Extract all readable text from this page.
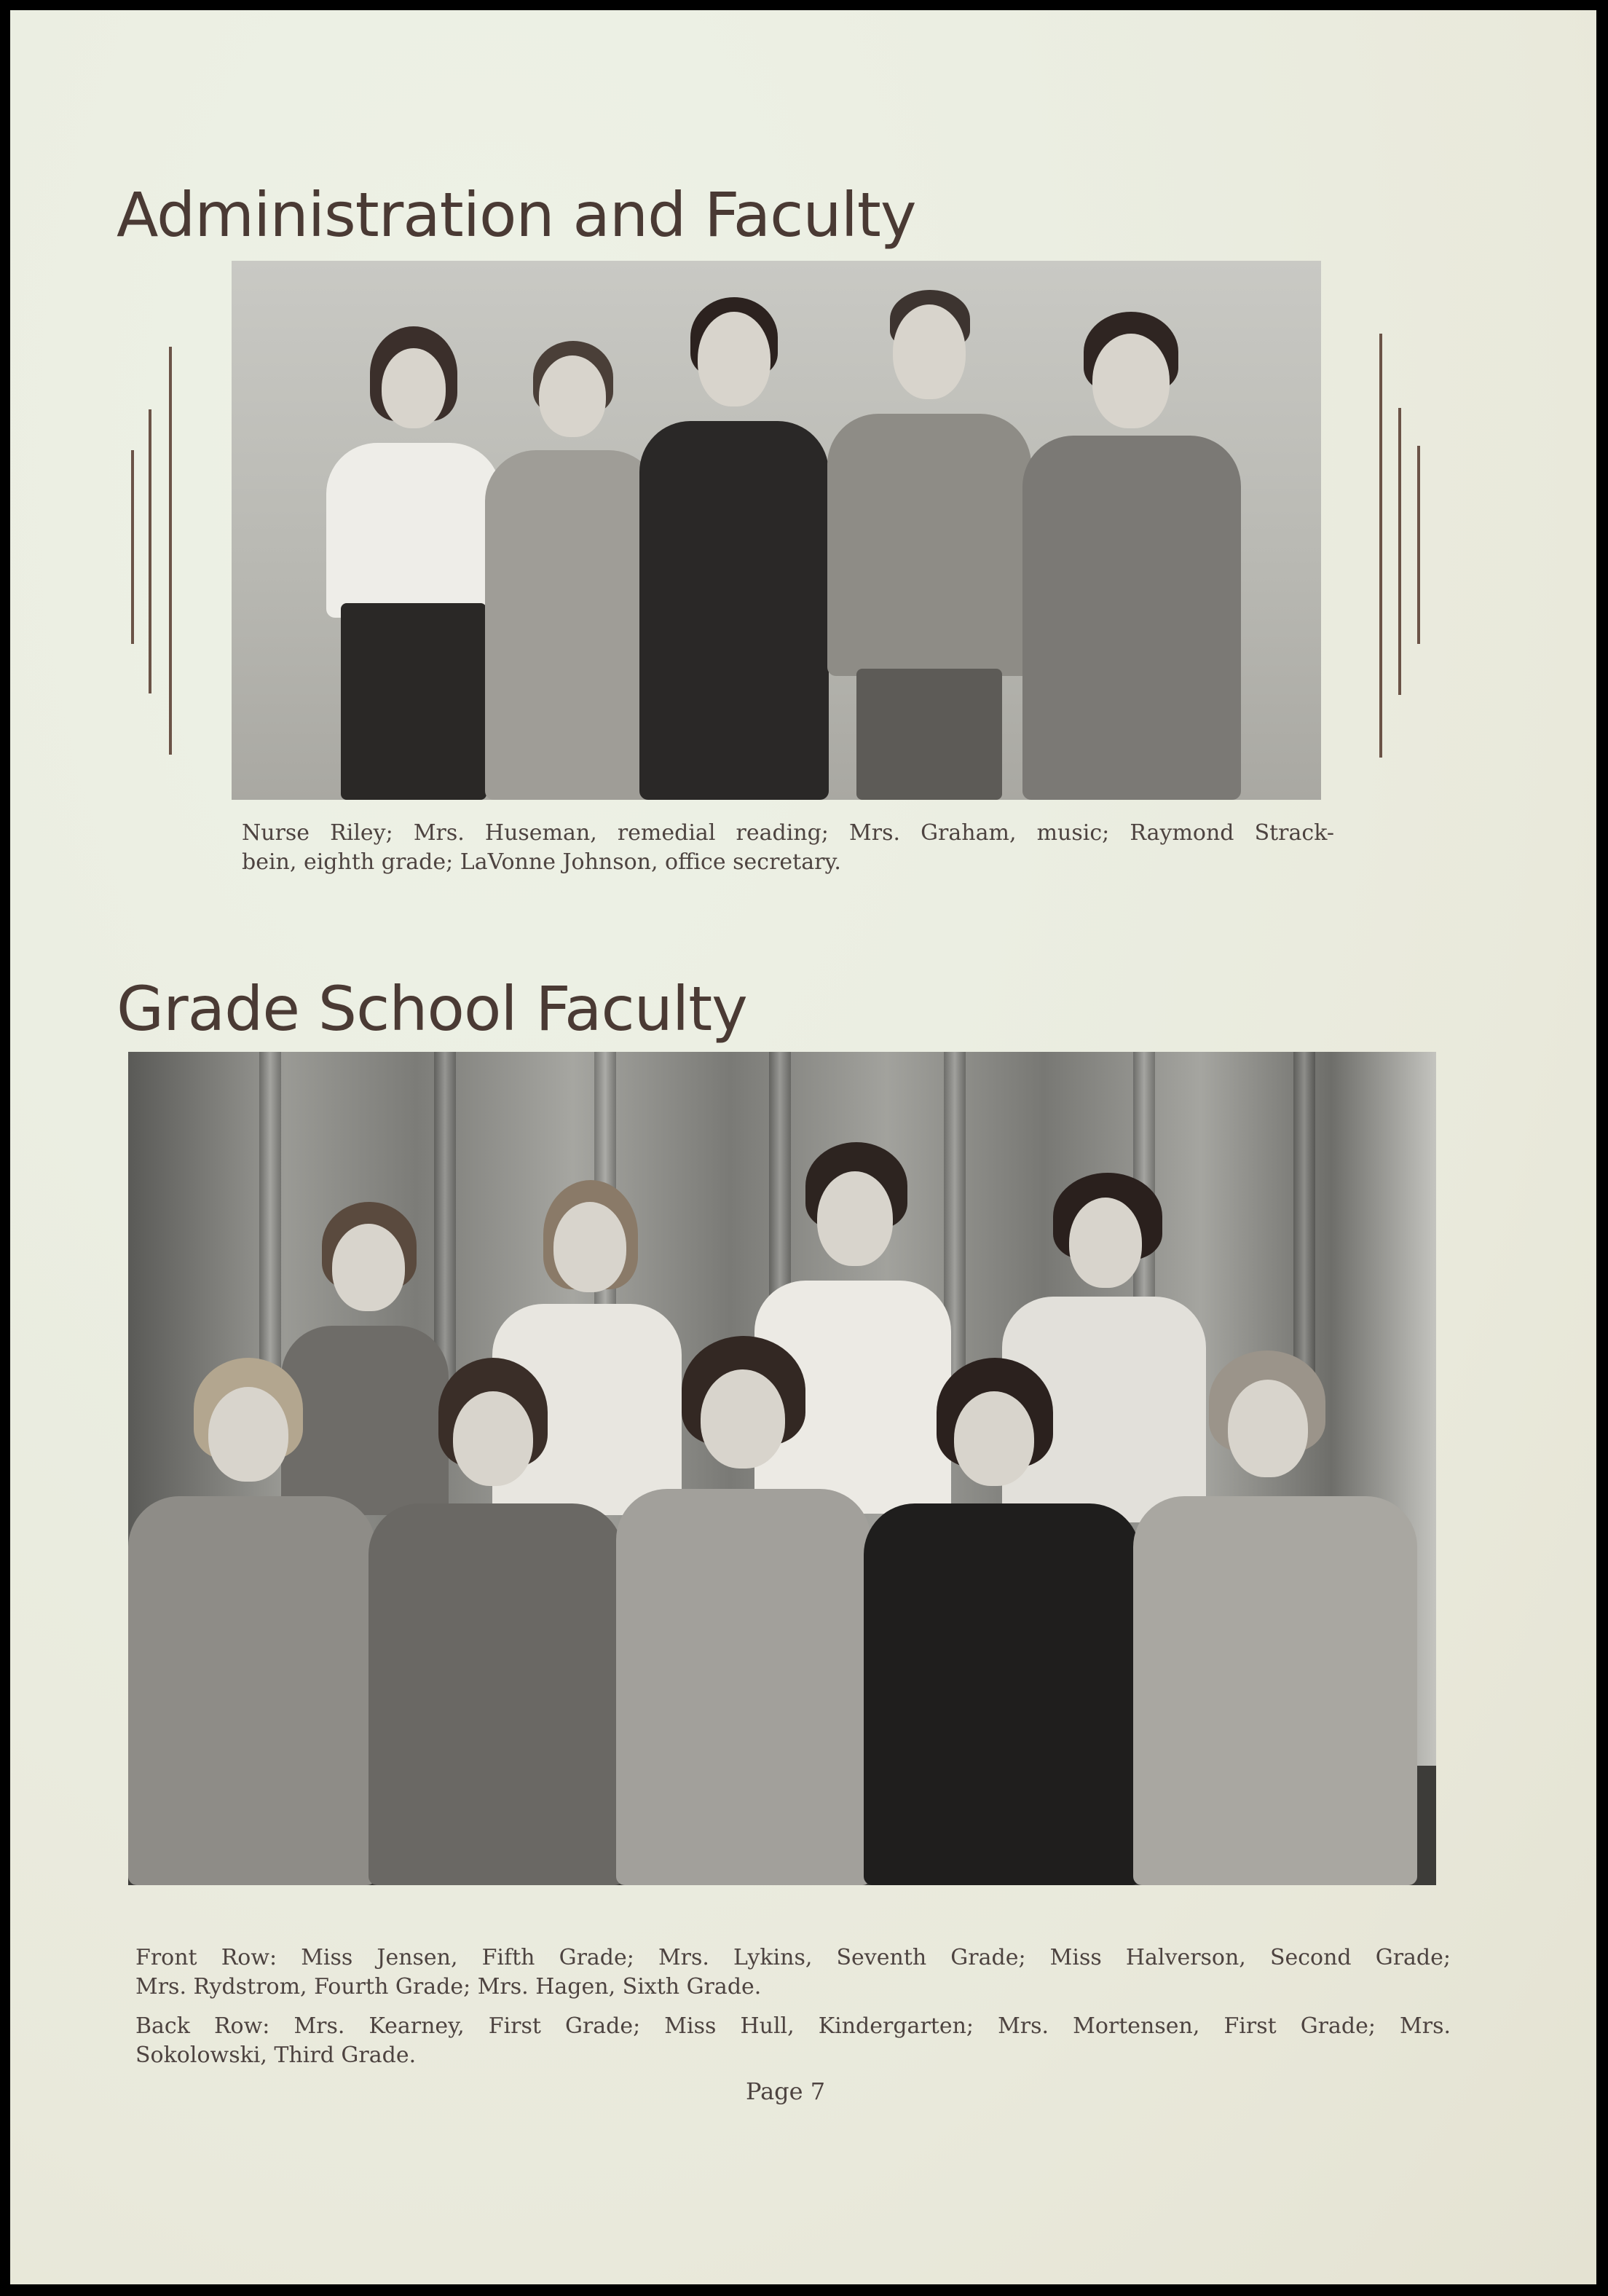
Administration and Faculty

Nurse Riley; Mrs. Huseman, remedial reading; Mrs. Graham, music; Raymond Strack-
bein, eighth grade; LaVonne Johnson, office secretary.

Grade School Faculty

Front Row: Miss Jensen, Fifth Grade; Mrs. Lykins, Seventh Grade; Miss Halverson, Second Grade;
Mrs. Rydstrom, Fourth Grade; Mrs. Hagen, Sixth Grade.

Back Row: Mrs. Kearney, First Grade; Miss Hull, Kindergarten; Mrs. Mortensen, First Grade; Mrs.
Sokolowski, Third Grade.

Page 7
